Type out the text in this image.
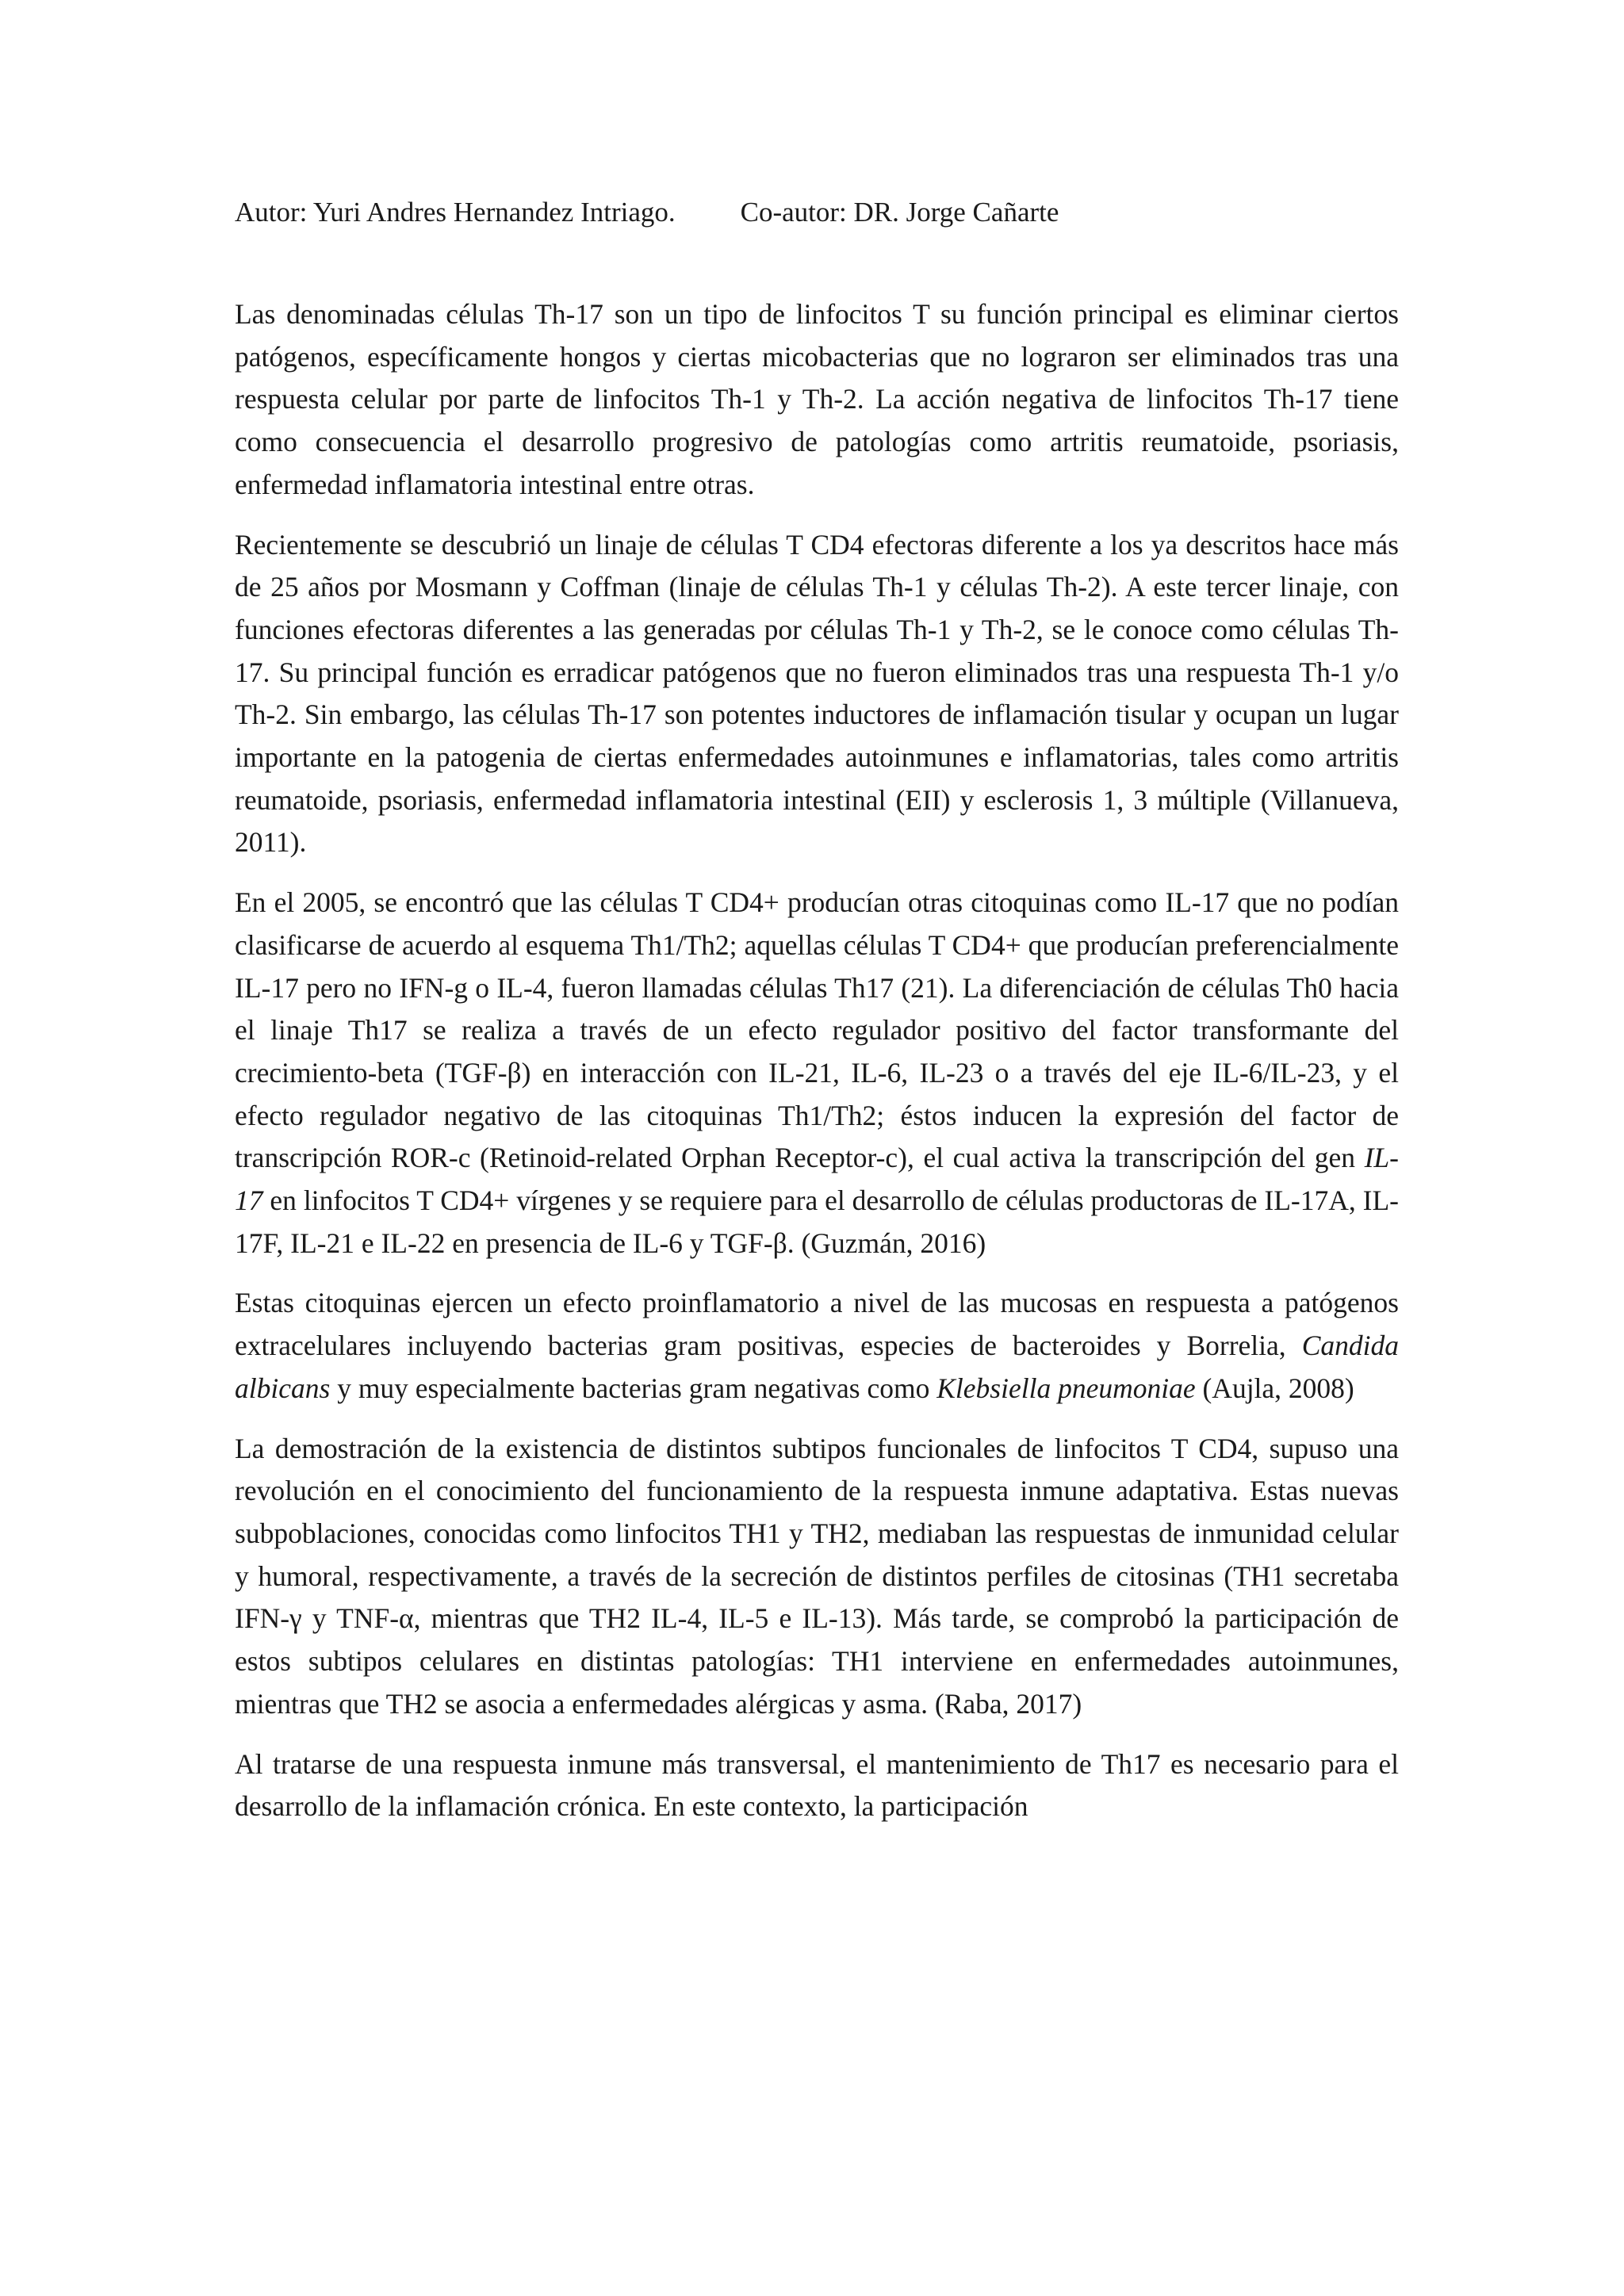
Autor: Yuri Andres Hernandez Intriago. Co-autor: DR. Jorge Cañarte

Las denominadas células Th-17 son un tipo de linfocitos T su función principal es eliminar ciertos patógenos, específicamente hongos y ciertas micobacterias que no lograron ser eliminados tras una respuesta celular por parte de linfocitos Th-1 y Th-2. La acción negativa de linfocitos Th-17 tiene como consecuencia el desarrollo progresivo de patologías como artritis reumatoide, psoriasis, enfermedad inflamatoria intestinal entre otras.

Recientemente se descubrió un linaje de células T CD4 efectoras diferente a los ya descritos hace más de 25 años por Mosmann y Coffman (linaje de células Th-1 y células Th-2). A este tercer linaje, con funciones efectoras diferentes a las generadas por células Th-1 y Th-2, se le conoce como células Th-17. Su principal función es erradicar patógenos que no fueron eliminados tras una respuesta Th-1 y/o Th-2. Sin embargo, las células Th-17 son potentes inductores de inflamación tisular y ocupan un lugar importante en la patogenia de ciertas enfermedades autoinmunes e inflamatorias, tales como artritis reumatoide, psoriasis, enfermedad inflamatoria intestinal (EII) y esclerosis 1, 3 múltiple (Villanueva, 2011).

En el 2005, se encontró que las células T CD4+ producían otras citoquinas como IL-17 que no podían clasificarse de acuerdo al esquema Th1/Th2; aquellas células T CD4+ que producían preferencialmente IL-17 pero no IFN-g o IL-4, fueron llamadas células Th17 (21). La diferenciación de células Th0 hacia el linaje Th17 se realiza a través de un efecto regulador positivo del factor transformante del crecimiento-beta (TGF-β) en interacción con IL-21, IL-6, IL-23 o a través del eje IL-6/IL-23, y el efecto regulador negativo de las citoquinas Th1/Th2; éstos inducen la expresión del factor de transcripción ROR-c (Retinoid-related Orphan Receptor-c), el cual activa la transcripción del gen IL-17 en linfocitos T CD4+ vírgenes y se requiere para el desarrollo de células productoras de IL-17A, IL-17F, IL-21 e IL-22 en presencia de IL-6 y TGF-β. (Guzmán, 2016)

Estas citoquinas ejercen un efecto proinflamatorio a nivel de las mucosas en respuesta a patógenos extracelulares incluyendo bacterias gram positivas, especies de bacteroides y Borrelia, Candida albicans y muy especialmente bacterias gram negativas como Klebsiella pneumoniae (Aujla, 2008)

La demostración de la existencia de distintos subtipos funcionales de linfocitos T CD4, supuso una revolución en el conocimiento del funcionamiento de la respuesta inmune adaptativa. Estas nuevas subpoblaciones, conocidas como linfocitos TH1 y TH2, mediaban las respuestas de inmunidad celular y humoral, respectivamente, a través de la secreción de distintos perfiles de citosinas (TH1 secretaba IFN-γ y TNF-α, mientras que TH2 IL-4, IL-5 e IL-13). Más tarde, se comprobó la participación de estos subtipos celulares en distintas patologías: TH1 interviene en enfermedades autoinmunes, mientras que TH2 se asocia a enfermedades alérgicas y asma. (Raba, 2017)

Al tratarse de una respuesta inmune más transversal, el mantenimiento de Th17 es necesario para el desarrollo de la inflamación crónica. En este contexto, la participación
